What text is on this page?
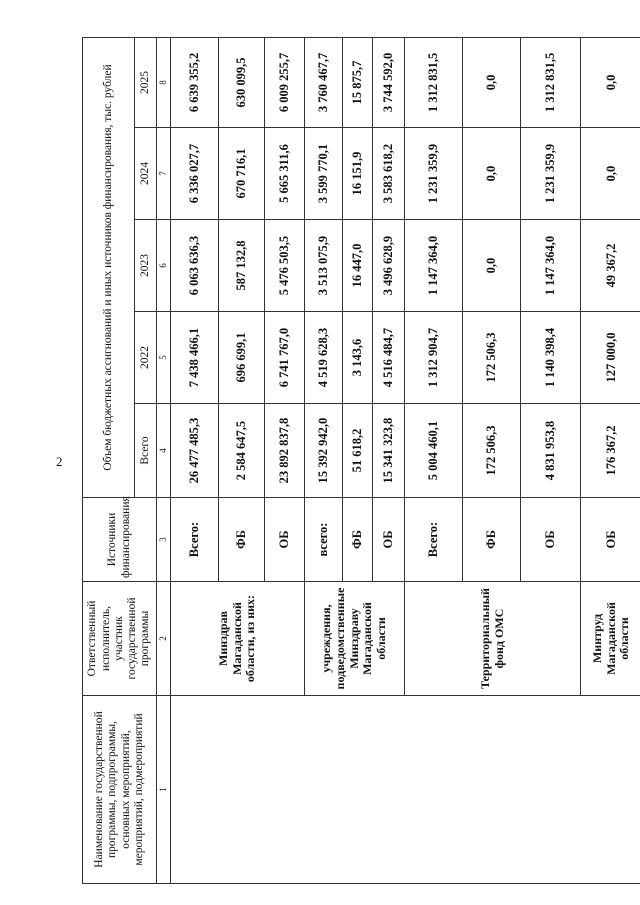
2
Наименование государственной программы, подпрограммы, основных мероприятий, мероприятий, подмероприятий	Ответственный исполнитель, участник государственной программы	Источники финансирования	Объем бюджетных ассигнований и иных источников финансирования, тыс. рублей				
			Всего	2022	2023	2024	2025

1	2	3	4	5	6	7	8
	Минздрав Магаданской области, из них:	Всего:	26 477 485,3	7 438 466,1	6 063 636,3	6 336 027,7	6 639 355,2
		ФБ	2 584 647,5	696 699,1	587 132,8	670 716,1	630 099,5
		ОБ	23 892 837,8	6 741 767,0	5 476 503,5	5 665 311,6	6 009 255,7
	учреждения, подведомственные Минздраву Магаданской области	всего:	15 392 942,0	4 519 628,3	3 513 075,9	3 599 770,1	3 760 467,7
		ФБ	51 618,2	3 143,6	16 447,0	16 151,9	15 875,7
		ОБ	15 341 323,8	4 516 484,7	3 496 628,9	3 583 618,2	3 744 592,0
	Территориальный фонд ОМС	Всего:	5 004 460,1	1 312 904,7	1 147 364,0	1 231 359,9	1 312 831,5
		ФБ	172 506,3	172 506,3	0,0	0,0	0,0
		ОБ	4 831 953,8	1 140 398,4	1 147 364,0	1 231 359,9	1 312 831,5
	Минтруд Магаданской области	ОБ	176 367,2	127 000,0	49 367,2	0,0	0,0
